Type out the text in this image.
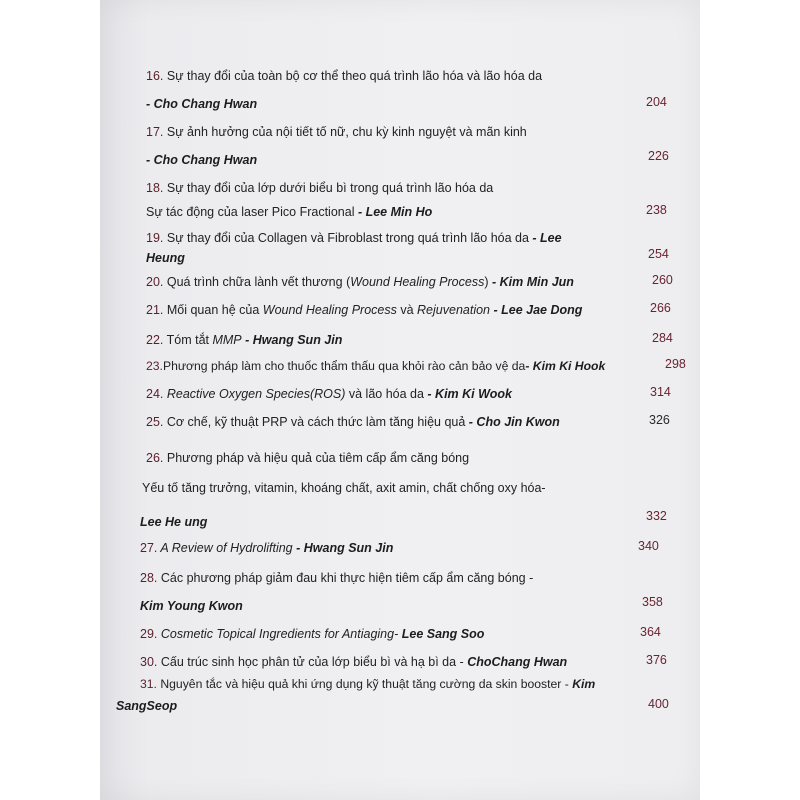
16. Sự thay đổi của toàn bộ cơ thể theo quá trình lão hóa và lão hóa da
- Cho Chang Hwan	204
17. Sự ảnh hưởng của nội tiết tố nữ, chu kỳ kinh nguyệt và mãn kinh
- Cho Chang Hwan	226
18. Sự thay đổi của lớp dưới biểu bì trong quá trình lão hóa da
Sự tác động của laser Pico Fractional - Lee Min Ho	238
19. Sự thay đổi của Collagen và Fibroblast trong quá trình lão hóa da - Lee
Heung	254
20. Quá trình chữa lành vết thương (Wound Healing Process) - Kim Min Jun	260
21. Mối quan hệ của Wound Healing Process và Rejuvenation - Lee Jae Dong	266
22. Tóm tắt MMP - Hwang Sun Jin	284
23.Phương pháp làm cho thuốc thẩm thấu qua khỏi rào cản bảo vệ da- Kim Ki Hook	298
24. Reactive Oxygen Species(ROS) và lão hóa da - Kim Ki Wook	314
25. Cơ chế, kỹ thuật PRP và cách thức làm tăng hiệu quả - Cho Jin Kwon	326
26. Phương pháp và hiệu quả của tiêm cấp ẩm căng bóng
Yếu tố tăng trưởng, vitamin, khoáng chất, axit amin, chất chống oxy hóa-
Lee He ung	332
27. A Review of Hydrolifting - Hwang Sun Jin	340
28. Các phương pháp giảm đau khi thực hiện tiêm cấp ẩm căng bóng -
Kim Young Kwon	358
29. Cosmetic Topical Ingredients for Antiaging- Lee Sang Soo	364
30. Cấu trúc sinh học phân tử của lớp biểu bì và hạ bì da - ChoChang Hwan	376
31. Nguyên tắc và hiệu quả khi ứng dụng kỹ thuật tăng cường da skin booster - Kim
SangSeop	400
